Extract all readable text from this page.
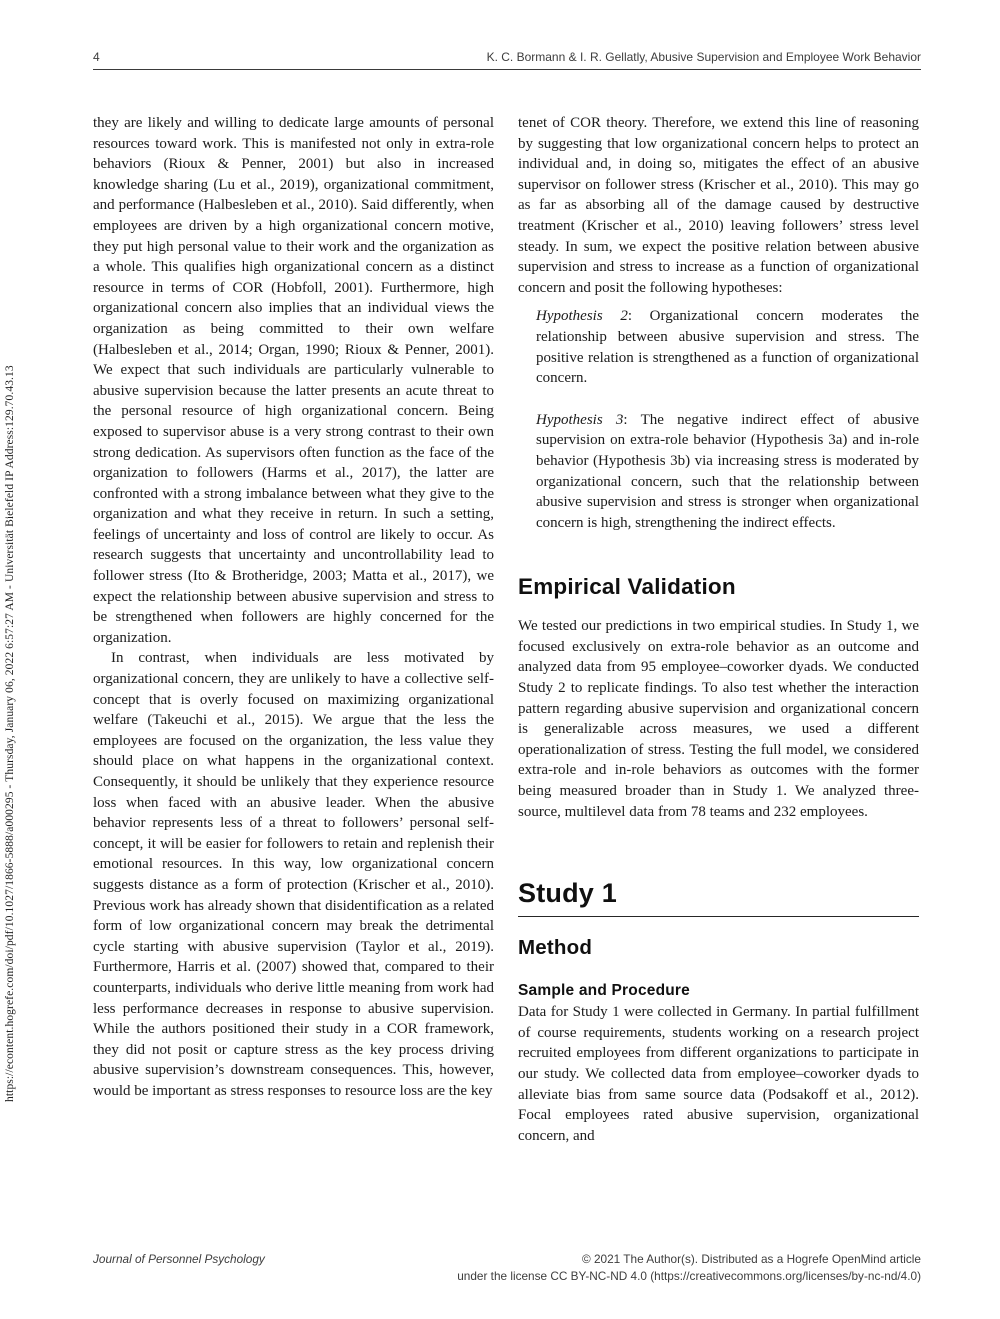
4	K. C. Bormann & I. R. Gellatly, Abusive Supervision and Employee Work Behavior
https://econtent.hogrefe.com/doi/pdf/10.1027/1866-5888/a000295 - Thursday, January 06, 2022 6:57:27 AM - Universität Bielefeld IP Address:129.70.43.13

they are likely and willing to dedicate large amounts of personal resources toward work. This is manifested not only in extra-role behaviors (Rioux & Penner, 2001) but also in increased knowledge sharing (Lu et al., 2019), organizational commitment, and performance (Halbesleben et al., 2010). Said differently, when employees are driven by a high organizational concern motive, they put high personal value to their work and the organization as a whole. This qualifies high organizational concern as a distinct resource in terms of COR (Hobfoll, 2001). Furthermore, high organizational concern also implies that an individual views the organization as being committed to their own welfare (Halbesleben et al., 2014; Organ, 1990; Rioux & Penner, 2001). We expect that such individuals are particularly vulnerable to abusive supervision because the latter presents an acute threat to the personal resource of high organizational concern. Being exposed to supervisor abuse is a very strong contrast to their own strong dedication. As supervisors often function as the face of the organization to followers (Harms et al., 2017), the latter are confronted with a strong imbalance between what they give to the organization and what they receive in return. In such a setting, feelings of uncertainty and loss of control are likely to occur. As research suggests that uncertainty and uncontrollability lead to follower stress (Ito & Brotheridge, 2003; Matta et al., 2017), we expect the relationship between abusive supervision and stress to be strengthened when followers are highly concerned for the organization.

In contrast, when individuals are less motivated by organizational concern, they are unlikely to have a collective self-concept that is overly focused on maximizing organizational welfare (Takeuchi et al., 2015). We argue that the less the employees are focused on the organization, the less value they should place on what happens in the organizational context. Consequently, it should be unlikely that they experience resource loss when faced with an abusive leader. When the abusive behavior represents less of a threat to followers’ personal self-concept, it will be easier for followers to retain and replenish their emotional resources. In this way, low organizational concern suggests distance as a form of protection (Krischer et al., 2010). Previous work has already shown that disidentification as a related form of low organizational concern may break the detrimental cycle starting with abusive supervision (Taylor et al., 2019). Furthermore, Harris et al. (2007) showed that, compared to their counterparts, individuals who derive little meaning from work had less performance decreases in response to abusive supervision. While the authors positioned their study in a COR framework, they did not posit or capture stress as the key process driving abusive supervision’s downstream consequences. This, however, would be important as stress responses to resource loss are the key

tenet of COR theory. Therefore, we extend this line of reasoning by suggesting that low organizational concern helps to protect an individual and, in doing so, mitigates the effect of an abusive supervisor on follower stress (Krischer et al., 2010). This may go as far as absorbing all of the damage caused by destructive treatment (Krischer et al., 2010) leaving followers’ stress level steady. In sum, we expect the positive relation between abusive supervision and stress to increase as a function of organizational concern and posit the following hypotheses:

Hypothesis 2: Organizational concern moderates the relationship between abusive supervision and stress. The positive relation is strengthened as a function of organizational concern.

Hypothesis 3: The negative indirect effect of abusive supervision on extra-role behavior (Hypothesis 3a) and in-role behavior (Hypothesis 3b) via increasing stress is moderated by organizational concern, such that the relationship between abusive supervision and stress is stronger when organizational concern is high, strengthening the indirect effects.

Empirical Validation

We tested our predictions in two empirical studies. In Study 1, we focused exclusively on extra-role behavior as an outcome and analyzed data from 95 employee–coworker dyads. We conducted Study 2 to replicate findings. To also test whether the interaction pattern regarding abusive supervision and organizational concern is generalizable across measures, we used a different operationalization of stress. Testing the full model, we considered extra-role and in-role behaviors as outcomes with the former being measured broader than in Study 1. We analyzed three-source, multilevel data from 78 teams and 232 employees.

Study 1
Method
Sample and Procedure

Data for Study 1 were collected in Germany. In partial fulfillment of course requirements, students working on a research project recruited employees from different organizations to participate in our study. We collected data from employee–coworker dyads to alleviate bias from same source data (Podsakoff et al., 2012). Focal employees rated abusive supervision, organizational concern, and

Journal of Personnel Psychology	© 2021 The Author(s). Distributed as a Hogrefe OpenMind article
under the license CC BY-NC-ND 4.0 (https://creativecommons.org/licenses/by-nc-nd/4.0)
